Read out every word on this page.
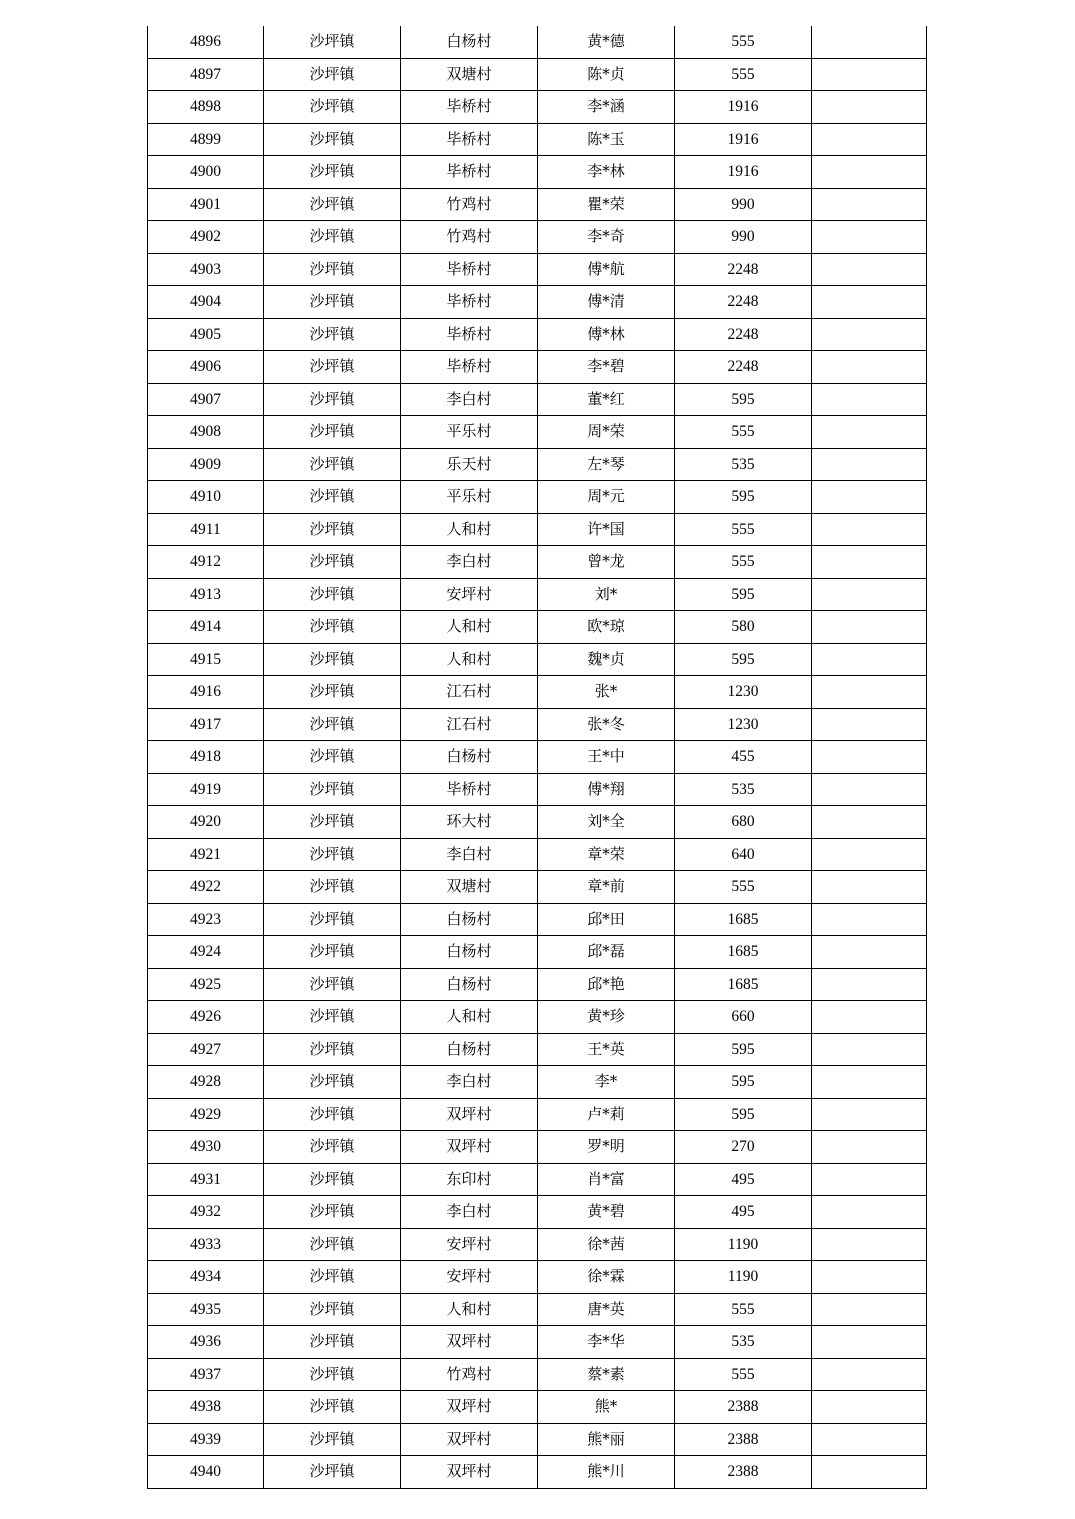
4896	沙坪镇	白杨村	黄*德	555	
4897	沙坪镇	双塘村	陈*贞	555	
4898	沙坪镇	毕桥村	李*涵	1916	
4899	沙坪镇	毕桥村	陈*玉	1916	
4900	沙坪镇	毕桥村	李*林	1916	
4901	沙坪镇	竹鸡村	瞿*荣	990	
4902	沙坪镇	竹鸡村	李*奇	990	
4903	沙坪镇	毕桥村	傅*航	2248	
4904	沙坪镇	毕桥村	傅*清	2248	
4905	沙坪镇	毕桥村	傅*林	2248	
4906	沙坪镇	毕桥村	李*碧	2248	
4907	沙坪镇	李白村	董*红	595	
4908	沙坪镇	平乐村	周*荣	555	
4909	沙坪镇	乐天村	左*琴	535	
4910	沙坪镇	平乐村	周*元	595	
4911	沙坪镇	人和村	许*国	555	
4912	沙坪镇	李白村	曾*龙	555	
4913	沙坪镇	安坪村	刘*	595	
4914	沙坪镇	人和村	欧*琼	580	
4915	沙坪镇	人和村	魏*贞	595	
4916	沙坪镇	江石村	张*	1230	
4917	沙坪镇	江石村	张*冬	1230	
4918	沙坪镇	白杨村	王*中	455	
4919	沙坪镇	毕桥村	傅*翔	535	
4920	沙坪镇	环大村	刘*全	680	
4921	沙坪镇	李白村	章*荣	640	
4922	沙坪镇	双塘村	章*前	555	
4923	沙坪镇	白杨村	邱*田	1685	
4924	沙坪镇	白杨村	邱*磊	1685	
4925	沙坪镇	白杨村	邱*艳	1685	
4926	沙坪镇	人和村	黄*珍	660	
4927	沙坪镇	白杨村	王*英	595	
4928	沙坪镇	李白村	李*	595	
4929	沙坪镇	双坪村	卢*莉	595	
4930	沙坪镇	双坪村	罗*明	270	
4931	沙坪镇	东印村	肖*富	495	
4932	沙坪镇	李白村	黄*碧	495	
4933	沙坪镇	安坪村	徐*茜	1190	
4934	沙坪镇	安坪村	徐*霖	1190	
4935	沙坪镇	人和村	唐*英	555	
4936	沙坪镇	双坪村	李*华	535	
4937	沙坪镇	竹鸡村	蔡*素	555	
4938	沙坪镇	双坪村	熊*	2388	
4939	沙坪镇	双坪村	熊*丽	2388	
4940	沙坪镇	双坪村	熊*川	2388	
